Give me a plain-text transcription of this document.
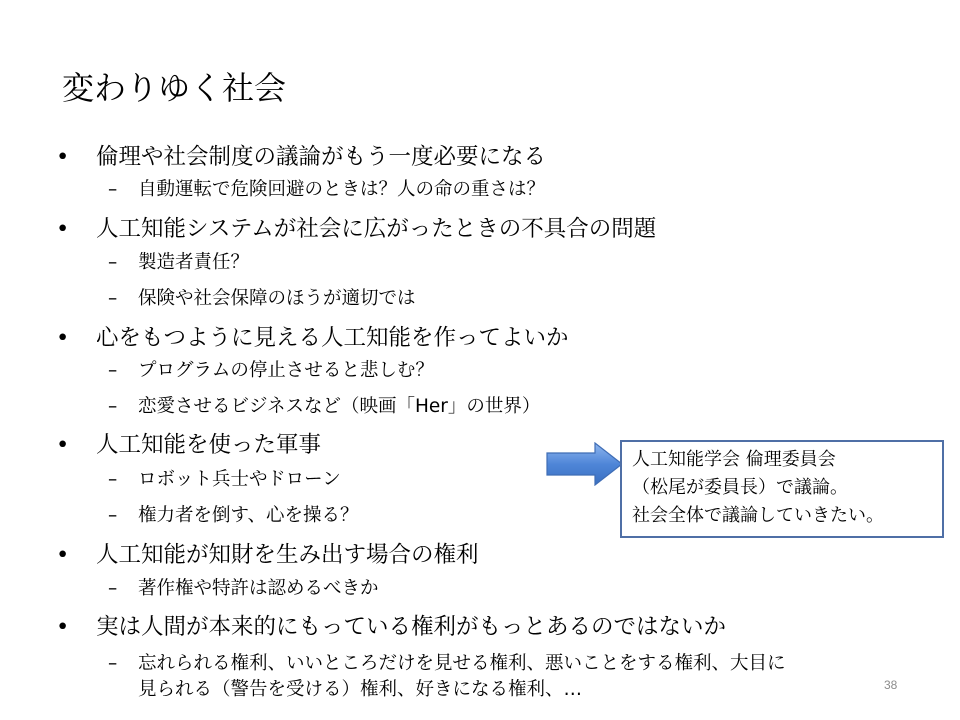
変わりゆく社会
• 倫理や社会制度の議論がもう一度必要になる
– 自動運転で危険回避のときは？人の命の重さは？
• 人工知能システムが社会に広がったときの不具合の問題
– 製造者責任？
– 保険や社会保障のほうが適切では
• 心をもつように見える人工知能を作ってよいか
– プログラムの停止させると悲しむ？
– 恋愛させるビジネスなど（映画「Her」の世界）
• 人工知能を使った軍事
– ロボット兵士やドローン
– 権力者を倒す、心を操る？
• 人工知能が知財を生み出す場合の権利
– 著作権や特許は認めるべきか
• 実は人間が本来的にもっている権利がもっとあるのではないか
– 忘れられる権利、いいところだけを見せる権利、悪いことをする権利、大目に
見られる（警告を受ける）権利、好きになる権利、…
人工知能学会 倫理委員会
（松尾が委員長）で議論。
社会全体で議論していきたい。
38
